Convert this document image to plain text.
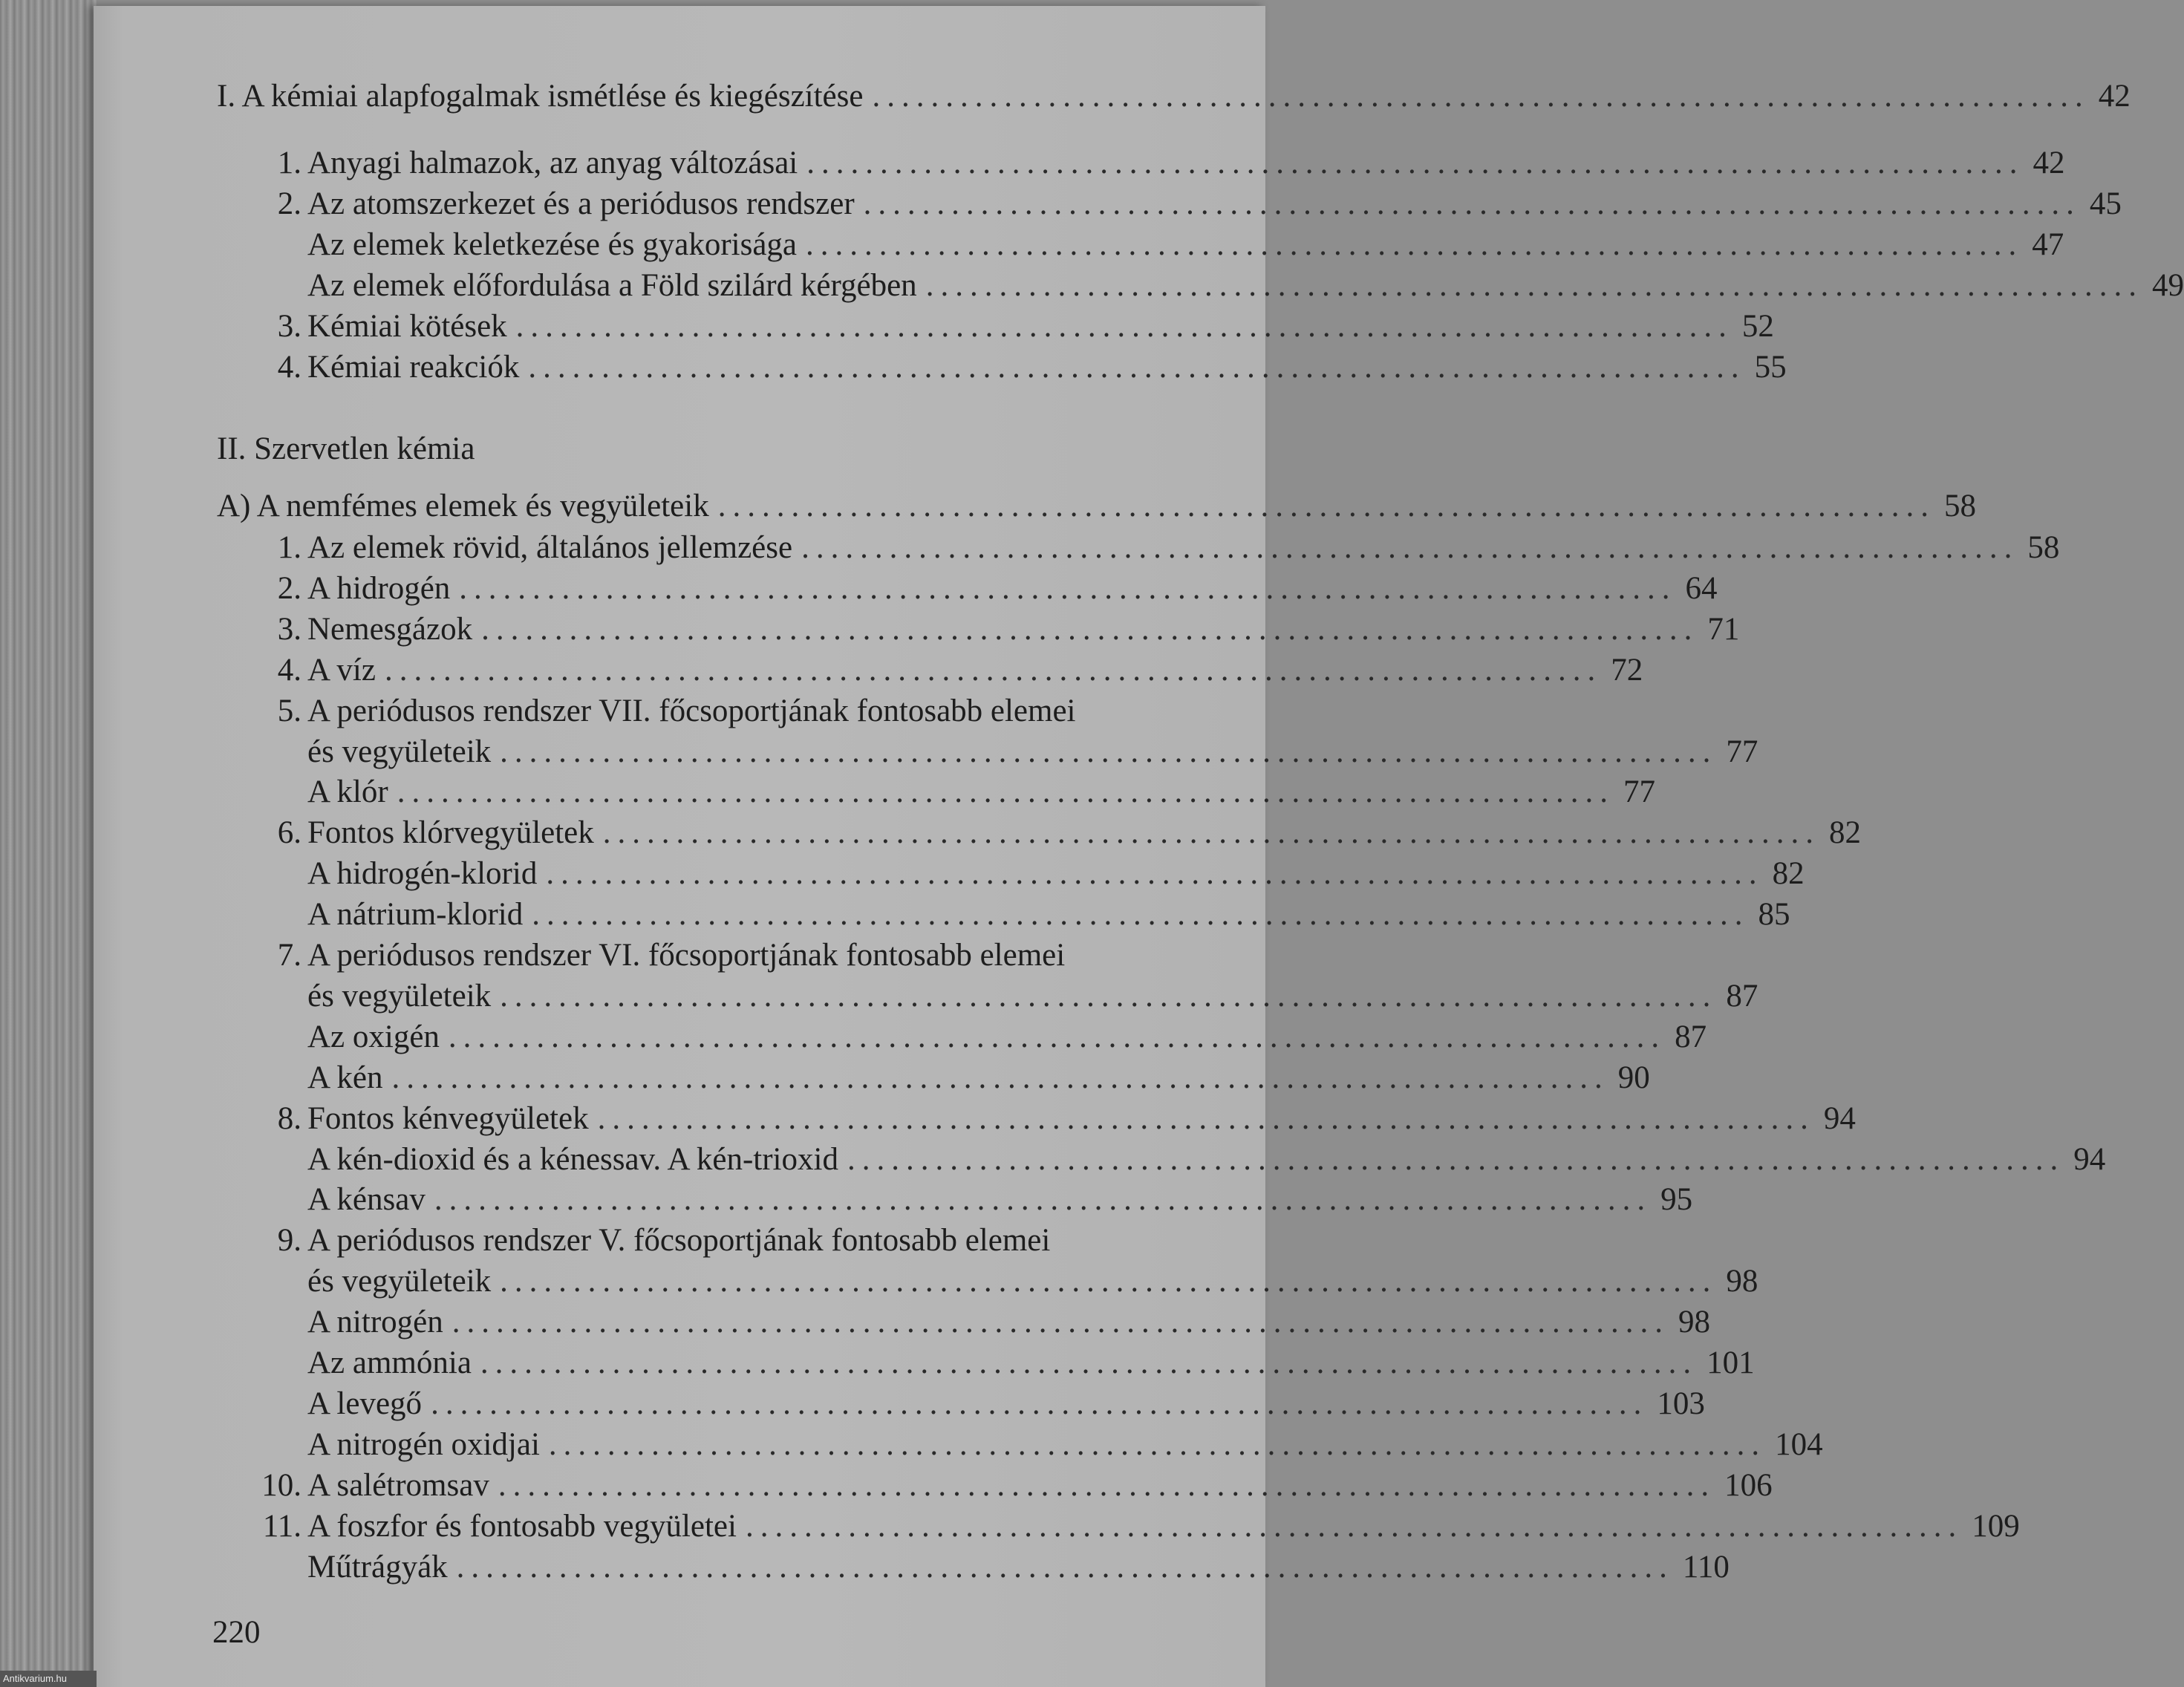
I. A kémiai alapfogalmak ismétlése és kiegészítése ................................................................................... 42
1. Anyagi halmazok, az anyag változásai ................................................................................... 42
2. Az atomszerkezet és a periódusos rendszer ................................................................................... 45
Az elemek keletkezése és gyakorisága ................................................................................... 47
Az elemek előfordulása a Föld szilárd kérgében ................................................................................... 49
3. Kémiai kötések ................................................................................... 52
4. Kémiai reakciók ................................................................................... 55
II. Szervetlen kémia
A) A nemfémes elemek és vegyületeik ................................................................................... 58
1. Az elemek rövid, általános jellemzése ................................................................................... 58
2. A hidrogén ................................................................................... 64
3. Nemesgázok ................................................................................... 71
4. A víz ................................................................................... 72
5. A periódusos rendszer VII. főcsoportjának fontosabb elemei
és vegyületeik ................................................................................... 77
A klór ................................................................................... 77
6. Fontos klórvegyületek ................................................................................... 82
A hidrogén-klorid ................................................................................... 82
A nátrium-klorid ................................................................................... 85
7. A periódusos rendszer VI. főcsoportjának fontosabb elemei
és vegyületeik ................................................................................... 87
Az oxigén ................................................................................... 87
A kén ................................................................................... 90
8. Fontos kénvegyületek ................................................................................... 94
A kén-dioxid és a kénessav. A kén-trioxid ................................................................................... 94
A kénsav ................................................................................... 95
9. A periódusos rendszer V. főcsoportjának fontosabb elemei
és vegyületeik ................................................................................... 98
A nitrogén ................................................................................... 98
Az ammónia ................................................................................... 101
A levegő ................................................................................... 103
A nitrogén oxidjai ................................................................................... 104
10. A salétromsav ................................................................................... 106
11. A foszfor és fontosabb vegyületei ................................................................................... 109
Műtrágyák ................................................................................... 110
220
Antikvarium.hu
